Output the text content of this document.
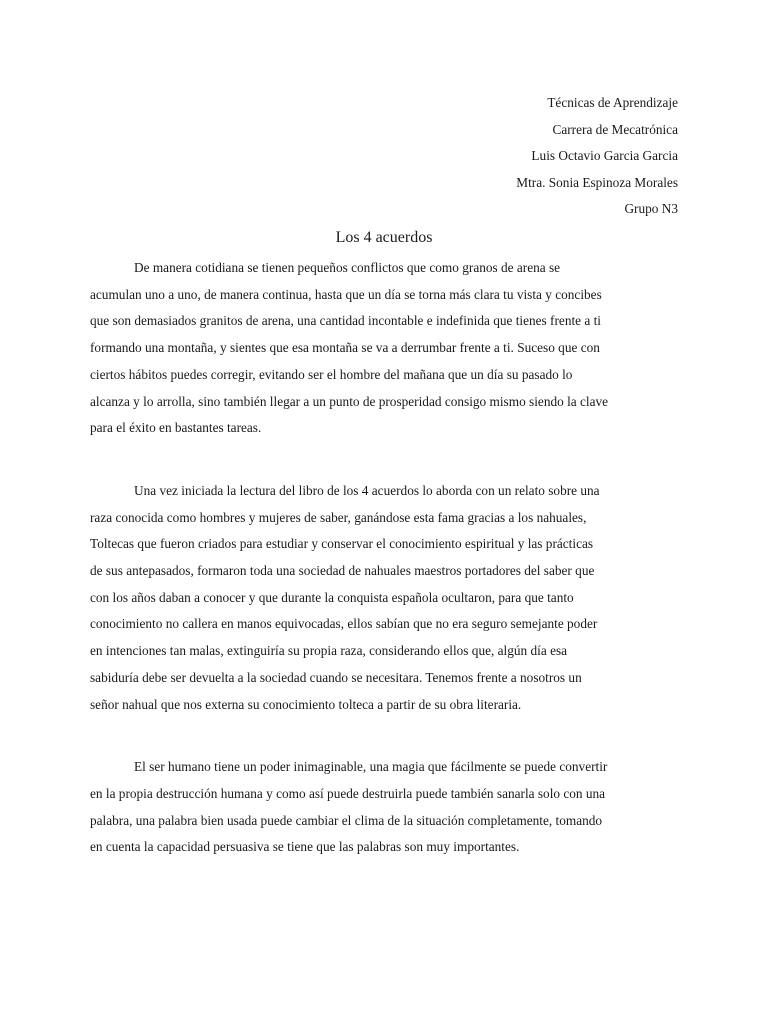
Técnicas de Aprendizaje
Carrera de Mecatrónica
Luis Octavio Garcia Garcia
Mtra. Sonia Espinoza Morales
Grupo N3
Los 4 acuerdos

De manera cotidiana se tienen pequeños conflictos que como granos de arena se
acumulan uno a uno, de manera continua, hasta que un día se torna más clara tu vista y concibes
que son demasiados granitos de arena, una cantidad incontable e indefinida que tienes frente a ti
formando una montaña, y sientes que esa montaña se va a derrumbar frente a ti. Suceso que con
ciertos hábitos puedes corregir, evitando ser el hombre del mañana que un día su pasado lo
alcanza y lo arrolla, sino también llegar a un punto de prosperidad consigo mismo siendo la clave
para el éxito en bastantes tareas.

Una vez iniciada la lectura del libro de los 4 acuerdos lo aborda con un relato sobre una
raza conocida como hombres y mujeres de saber, ganándose esta fama gracias a los nahuales,
Toltecas que fueron criados para estudiar y conservar el conocimiento espiritual y las prácticas
de sus antepasados, formaron toda una sociedad de nahuales maestros portadores del saber que
con los años daban a conocer y que durante la conquista española ocultaron, para que tanto
conocimiento no callera en manos equivocadas, ellos sabían que no era seguro semejante poder
en intenciones tan malas, extinguiría su propia raza, considerando ellos que, algún día esa
sabiduría debe ser devuelta a la sociedad cuando se necesitara. Tenemos frente a nosotros un
señor nahual que nos externa su conocimiento tolteca a partir de su obra literaria.

El ser humano tiene un poder inimaginable, una magia que fácilmente se puede convertir
en la propia destrucción humana y como así puede destruirla puede también sanarla solo con una
palabra, una palabra bien usada puede cambiar el clima de la situación completamente, tomando
en cuenta la capacidad persuasiva se tiene que las palabras son muy importantes.
